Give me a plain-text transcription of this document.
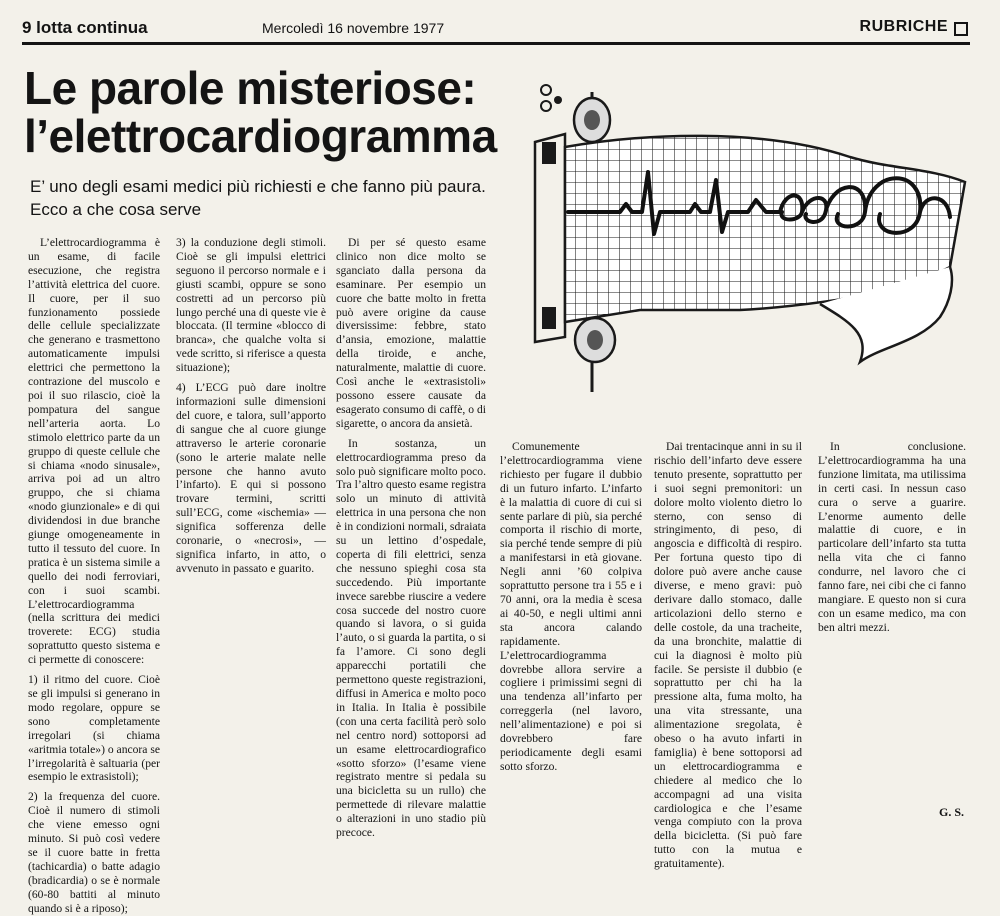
9 lotta continua	Mercoledì 16 novembre 1977	RUBRICHE
Le parole misteriose:
l’elettrocardiogramma
E’ uno degli esami medici più richiesti e che fanno più paura. Ecco a che cosa serve

L’elettrocardiogramma è un esame, di facile esecuzione, che registra l’attività elettrica del cuore. Il cuore, per il suo funzionamento possiede delle cellule specializzate che generano e trasmettono automaticamente impulsi elettrici che permettono la contrazione del muscolo e poi il suo rilascio, cioè la pompatura del sangue nell’arteria aorta. Lo stimolo elettrico parte da un gruppo di queste cellule che si chiama «nodo sinusale», arriva poi ad un altro gruppo, che si chiama «nodo giunzionale» e di qui dividendosi in due branche giunge omogeneamente in tutto il tessuto del cuore. In pratica è un sistema simile a quello dei nodi ferroviari, con i suoi scambi. L’elettrocardiogramma (nella scrittura dei medici troverete: ECG) studia soprattutto questo sistema e ci permette di conoscere:

1) il ritmo del cuore. Cioè se gli impulsi si generano in modo regolare, oppure se sono completamente irregolari (si chiama «aritmia totale») o ancora se l’irregolarità è saltuaria (per esempio le extrasistoli);

2) la frequenza del cuore. Cioè il numero di stimoli che viene emesso ogni minuto. Si può così vedere se il cuore batte in fretta (tachicardia) o batte adagio (bradicardia) o se è normale (60-80 battiti al minuto quando si è a riposo);

3) la conduzione degli stimoli. Cioè se gli impulsi elettrici seguono il percorso normale e i giusti scambi, oppure se sono costretti ad un percorso più lungo perché una di queste vie è bloccata. (Il termine «blocco di branca», che qualche volta si vede scritto, si riferisce a questa situazione);

4) L’ECG può dare inoltre informazioni sulle dimensioni del cuore, e talora, sull’apporto di sangue che al cuore giunge attraverso le arterie coronarie (sono le arterie malate nelle persone che hanno avuto l’infarto). E qui si possono trovare termini, scritti sull’ECG, come «ischemia» — significa sofferenza delle coronarie, o «necrosi», — significa infarto, in atto, o avvenuto in passato e guarito.

Di per sé questo esame clinico non dice molto se sganciato dalla persona da esaminare. Per esempio un cuore che batte molto in fretta può avere origine da cause diversissime: febbre, stato d’ansia, emozione, malattie della tiroide, e anche, naturalmente, malattie di cuore. Così anche le «extrasistoli» possono essere causate da esagerato consumo di caffè, o di sigarette, o ancora da ansietà.

In sostanza, un elettrocardiogramma preso da solo può significare molto poco. Tra l’altro questo esame registra solo un minuto di attività elettrica in una persona che non è in condizioni normali, sdraiata su un lettino d’ospedale, coperta di fili elettrici, senza che nessuno spieghi cosa sta succedendo. Più importante invece sarebbe riuscire a vedere cosa succede del nostro cuore quando si lavora, o si guida l’auto, o si guarda la partita, o si fa l’amore. Ci sono degli apparecchi portatili che permettono queste registrazioni, diffusi in America e molto poco in Italia. In Italia è possibile (con una certa facilità però solo nel centro nord) sottoporsi ad un esame elettrocardiografico «sotto sforzo» (l’esame viene registrato mentre si pedala su una bicicletta su un rullo) che permettede di rilevare malattie o alterazioni in uno stadio più precoce.

Comunemente l’elettrocardiogramma viene richiesto per fugare il dubbio di un futuro infarto. L’infarto è la malattia di cuore di cui si sente parlare di più, sia perché comporta il rischio di morte, sia perché tende sempre di più a manifestarsi in età giovane. Negli anni ’60 colpiva soprattutto persone tra i 55 e i 70 anni, ora la media è scesa ai 40-50, e negli ultimi anni sta ancora calando rapidamente. L’elettrocardiogramma dovrebbe allora servire a cogliere i primissimi segni di una tendenza all’infarto per correggerla (nel lavoro, nell’alimentazione) e poi si dovrebbero fare periodicamente degli esami sotto sforzo.

Dai trentacinque anni in su il rischio dell’infarto deve essere tenuto presente, soprattutto per i suoi segni premonitori: un dolore molto violento dietro lo sterno, con senso di stringimento, di peso, di angoscia e difficoltà di respiro. Per fortuna questo tipo di dolore può avere anche cause diverse, e meno gravi: può derivare dallo stomaco, dalle articolazioni dello sterno e delle costole, da una tracheite, da una bronchite, malattie di cui la diagnosi è molto più facile. Se persiste il dubbio (e soprattutto per chi ha la pressione alta, fuma molto, ha una vita stressante, una alimentazione sregolata, è obeso o ha avuto infarti in famiglia) è bene sottoporsi ad un elettrocardiogramma e chiedere al medico che lo accompagni ad una visita cardiologica e che l’esame venga compiuto con la prova della bicicletta. (Si può fare tutto con la mutua e gratuitamente).

In conclusione. L’elettrocardiogramma ha una funzione limitata, ma utilissima in certi casi. In nessun caso cura o serve a guarire. L’enorme aumento delle malattie di cuore, e in particolare dell’infarto sta tutta nella vita che ci fanno condurre, nel lavoro che ci fanno fare, nei cibi che ci fanno mangiare. E questo non si cura con un esame medico, ma con ben altri mezzi.

G. S.
